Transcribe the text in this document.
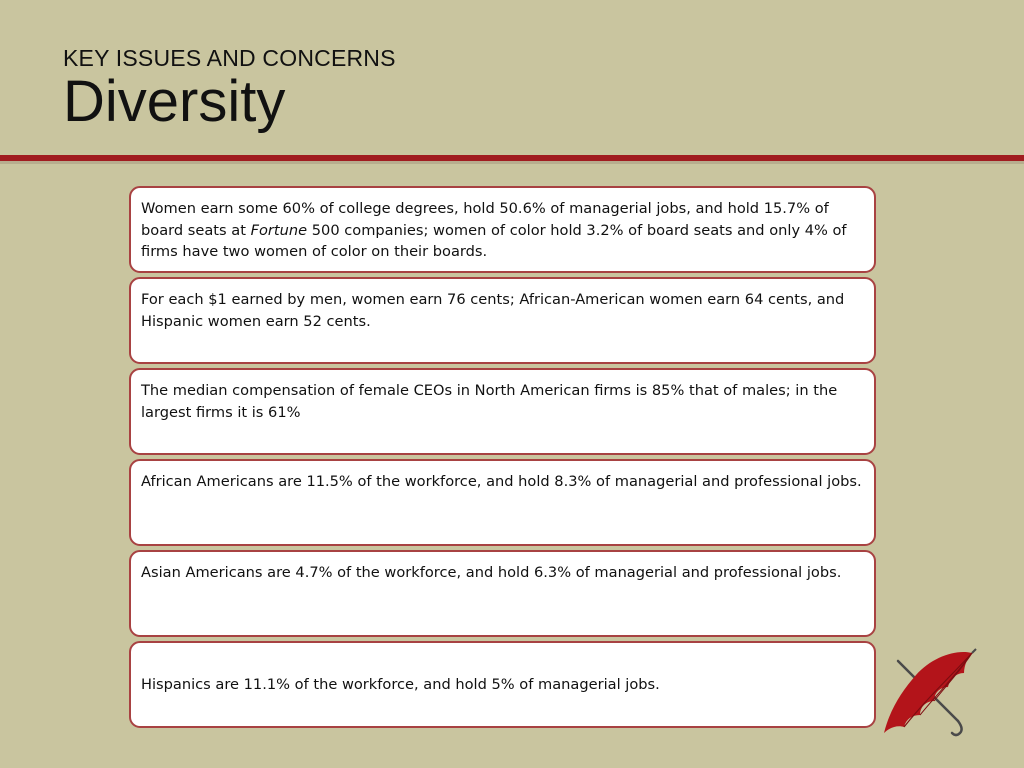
KEY ISSUES AND CONCERNS

Diversity

Women earn some 60% of college degrees, hold 50.6% of managerial jobs, and hold 15.7% of board seats at Fortune 500 companies; women of color hold 3.2% of board seats and only 4% of firms have two women of color on their boards.

For each $1 earned by men, women earn 76 cents; African-American women earn 64 cents, and Hispanic women earn 52 cents.

The median compensation of female CEOs in North American firms is 85% that of males; in the largest firms it is 61%

African Americans are 11.5% of the workforce, and hold 8.3% of managerial and professional jobs.

Asian Americans are 4.7% of the workforce, and hold 6.3% of managerial and professional jobs.

Hispanics are 11.1% of the workforce, and hold 5% of managerial jobs.
